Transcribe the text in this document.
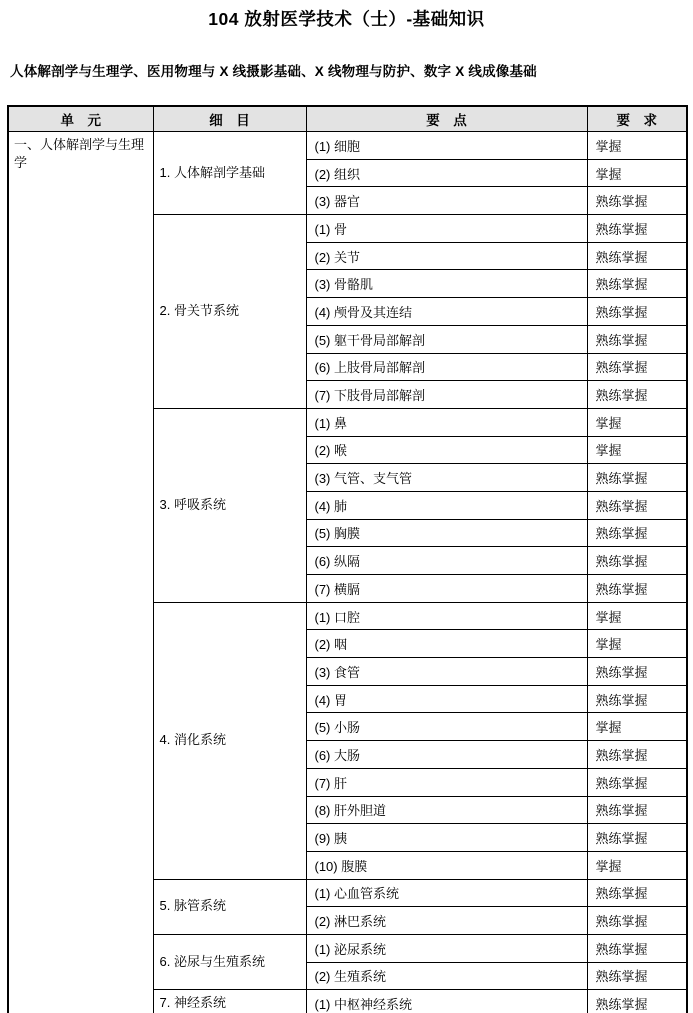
104 放射医学技术（士）-基础知识

人体解剖学与生理学、医用物理与 X 线摄影基础、X 线物理与防护、数字 X 线成像基础

单　元	细　目	要　点	要　求
一、人体解剖学与生理学	1. 人体解剖学基础	(1) 细胞	掌握
		(2) 组织	掌握
		(3) 器官	熟练掌握
	2. 骨关节系统	(1) 骨	熟练掌握
		(2) 关节	熟练掌握
		(3) 骨骼肌	熟练掌握
		(4) 颅骨及其连结	熟练掌握
		(5) 躯干骨局部解剖	熟练掌握
		(6) 上肢骨局部解剖	熟练掌握
		(7) 下肢骨局部解剖	熟练掌握
	3. 呼吸系统	(1) 鼻	掌握
		(2) 喉	掌握
		(3) 气管、支气管	熟练掌握
		(4) 肺	熟练掌握
		(5) 胸膜	熟练掌握
		(6) 纵隔	熟练掌握
		(7) 横膈	熟练掌握
	4. 消化系统	(1) 口腔	掌握
		(2) 咽	掌握
		(3) 食管	熟练掌握
		(4) 胃	熟练掌握
		(5) 小肠	掌握
		(6) 大肠	熟练掌握
		(7) 肝	熟练掌握
		(8) 肝外胆道	熟练掌握
		(9) 胰	熟练掌握
		(10) 腹膜	掌握
	5. 脉管系统	(1) 心血管系统	熟练掌握
		(2) 淋巴系统	熟练掌握
	6. 泌尿与生殖系统	(1) 泌尿系统	熟练掌握
		(2) 生殖系统	熟练掌握
	7. 神经系统	(1) 中枢神经系统	熟练掌握
